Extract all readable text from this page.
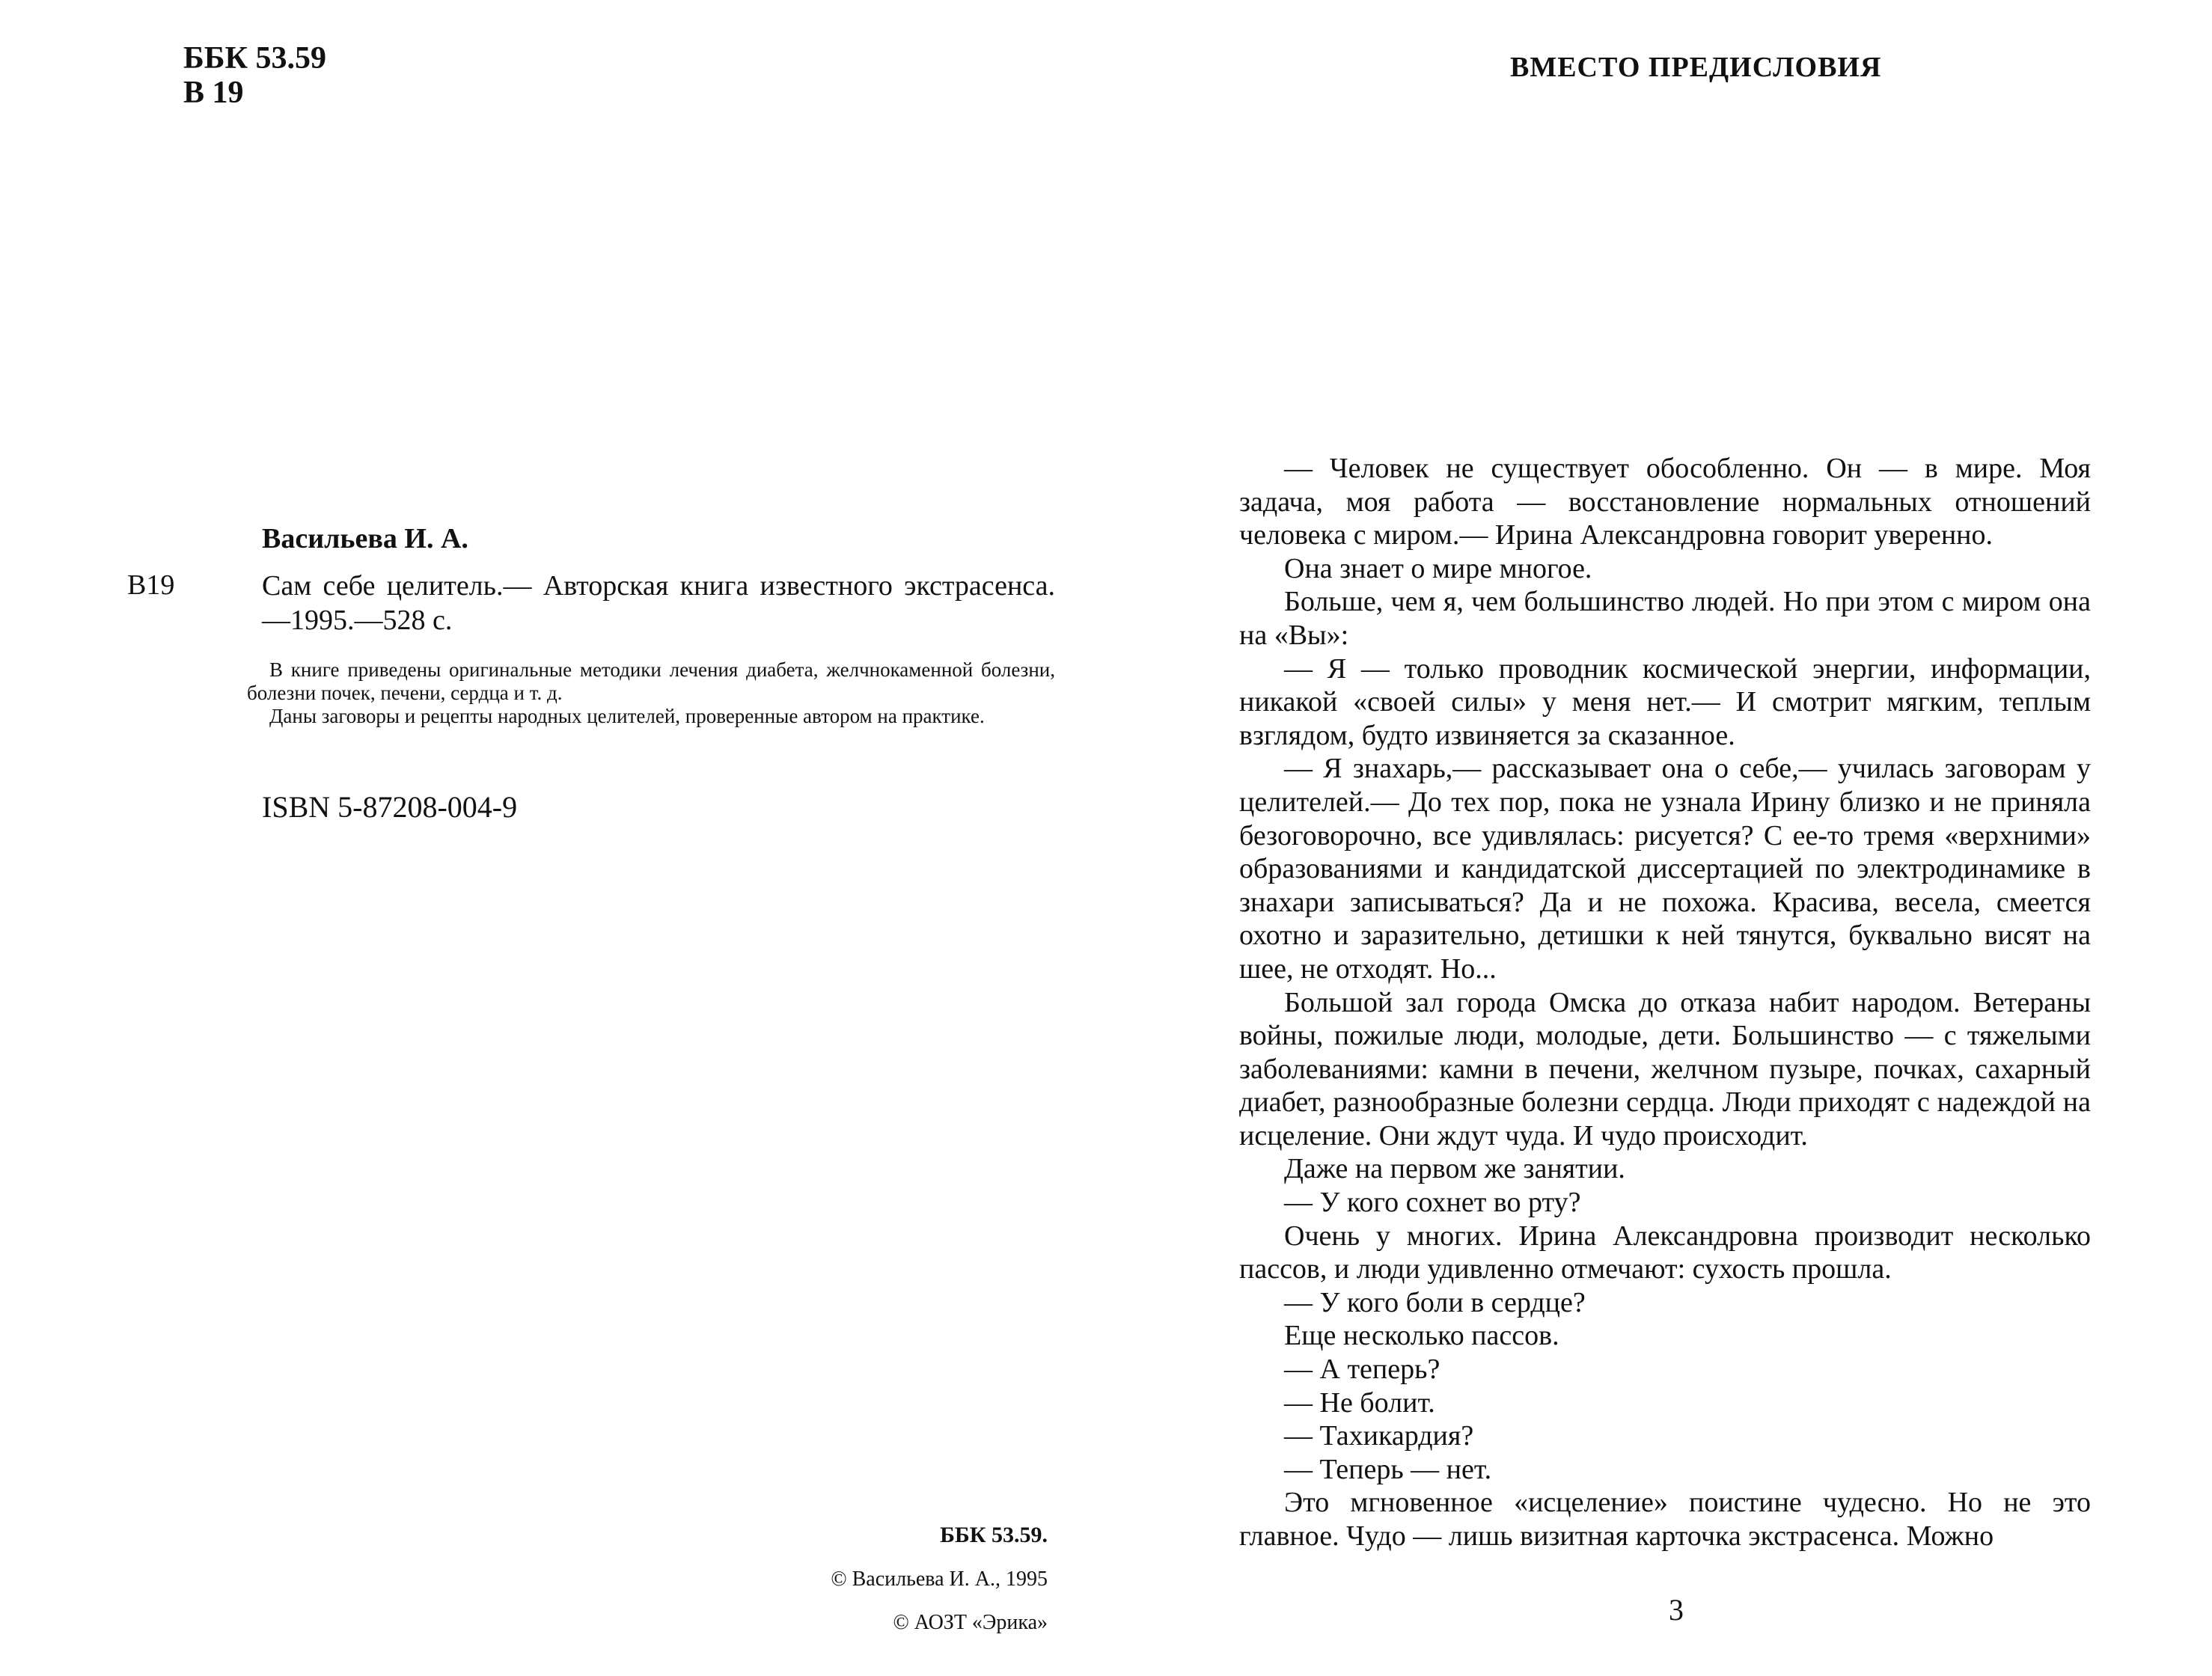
ББК 53.59
В 19
Васильева И. А.
В19	Сам себе целитель.— Авторская книга известного экстрасенса.—1995.—528 с.

В книге приведены оригинальные методики лечения диабета, желчнокаменной болезни, болезни почек, печени, сердца и т. д.

Даны заговоры и рецепты народных целителей, проверенные автором на практике.

ISBN 5-87208-004-9
ББК 53.59.
© Васильева И. А., 1995
© АОЗТ «Эрика»
ВМЕСТО ПРЕДИСЛОВИЯ

— Человек не существует обособленно. Он — в мире. Моя задача, моя работа — восстановление нормальных отношений человека с миром.— Ирина Александровна говорит уверенно.

Она знает о мире многое.

Больше, чем я, чем большинство людей. Но при этом с миром она на «Вы»:

— Я — только проводник космической энергии, информации, никакой «своей силы» у меня нет.— И смотрит мягким, теплым взглядом, будто извиняется за сказанное.

— Я знахарь,— рассказывает она о себе,— училась заговорам у целителей.— До тех пор, пока не узнала Ирину близко и не приняла безоговорочно, все удивлялась: рисуется? С ее-то тремя «верхними» образованиями и кандидатской диссертацией по электродинамике в знахари записываться? Да и не похожа. Красива, весела, смеется охотно и заразительно, детишки к ней тянутся, буквально висят на шее, не отходят. Но...

Большой зал города Омска до отказа набит народом. Ветераны войны, пожилые люди, молодые, дети. Большинство — с тяжелыми заболеваниями: камни в печени, желчном пузыре, почках, сахарный диабет, разнообразные болезни сердца. Люди приходят с надеждой на исцеление. Они ждут чуда. И чудо происходит.

Даже на первом же занятии.

— У кого сохнет во рту?

Очень у многих. Ирина Александровна производит несколько пассов, и люди удивленно отмечают: сухость прошла.

— У кого боли в сердце?

Еще несколько пассов.

— А теперь?

— Не болит.

— Тахикардия?

— Теперь — нет.

Это мгновенное «исцеление» поистине чудесно. Но не это главное. Чудо — лишь визитная карточка экстрасенса. Можно

3
